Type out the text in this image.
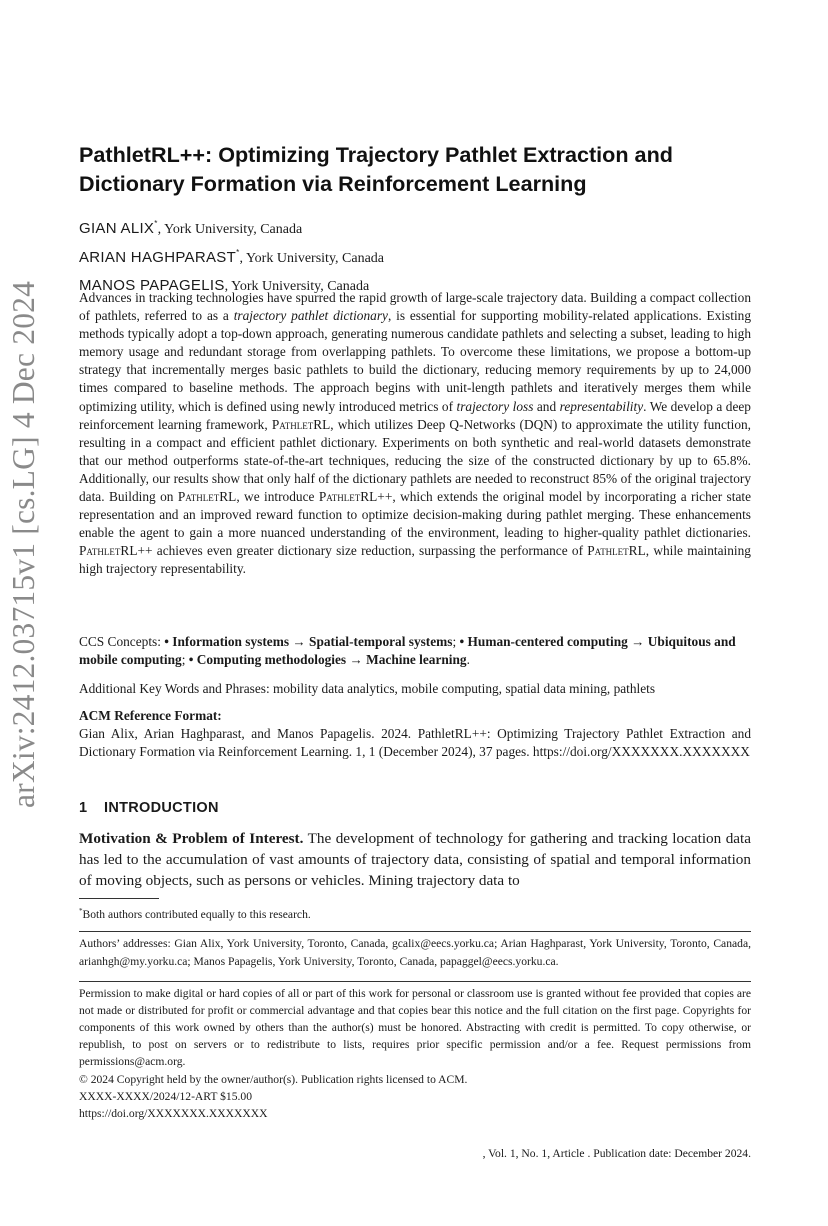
arXiv:2412.03715v1 [cs.LG] 4 Dec 2024
PathletRL++: Optimizing Trajectory Pathlet Extraction and Dictionary Formation via Reinforcement Learning
GIAN ALIX*, York University, Canada
ARIAN HAGHPARAST*, York University, Canada
MANOS PAPAGELIS, York University, Canada

Advances in tracking technologies have spurred the rapid growth of large-scale trajectory data. Building a compact collection of pathlets, referred to as a trajectory pathlet dictionary, is essential for supporting mobility-related applications. Existing methods typically adopt a top-down approach, generating numerous candidate pathlets and selecting a subset, leading to high memory usage and redundant storage from overlapping pathlets. To overcome these limitations, we propose a bottom-up strategy that incrementally merges basic pathlets to build the dictionary, reducing memory requirements by up to 24,000 times compared to baseline methods. The approach begins with unit-length pathlets and iteratively merges them while optimizing utility, which is defined using newly introduced metrics of trajectory loss and representability. We develop a deep reinforcement learning framework, PathletRL, which utilizes Deep Q-Networks (DQN) to approximate the utility function, resulting in a compact and efficient pathlet dictionary. Experiments on both synthetic and real-world datasets demonstrate that our method outperforms state-of-the-art techniques, reducing the size of the constructed dictionary by up to 65.8%. Additionally, our results show that only half of the dictionary pathlets are needed to reconstruct 85% of the original trajectory data. Building on PathletRL, we introduce PathletRL++, which extends the original model by incorporating a richer state representation and an improved reward function to optimize decision-making during pathlet merging. These enhancements enable the agent to gain a more nuanced understanding of the environment, leading to higher-quality pathlet dictionaries. PathletRL++ achieves even greater dictionary size reduction, surpassing the performance of PathletRL, while maintaining high trajectory representability.

CCS Concepts: • Information systems → Spatial-temporal systems; • Human-centered computing → Ubiquitous and mobile computing; • Computing methodologies → Machine learning.

Additional Key Words and Phrases: mobility data analytics, mobile computing, spatial data mining, pathlets

ACM Reference Format:

Gian Alix, Arian Haghparast, and Manos Papagelis. 2024. PathletRL++: Optimizing Trajectory Pathlet Extraction and Dictionary Formation via Reinforcement Learning. 1, 1 (December 2024), 37 pages. https://doi.org/XXXXXXX.XXXXXXX

1 INTRODUCTION

Motivation & Problem of Interest. The development of technology for gathering and tracking location data has led to the accumulation of vast amounts of trajectory data, consisting of spatial and temporal information of moving objects, such as persons or vehicles. Mining trajectory data to

*Both authors contributed equally to this research.

Authors’ addresses: Gian Alix, York University, Toronto, Canada, gcalix@eecs.yorku.ca; Arian Haghparast, York University, Toronto, Canada, arianhgh@my.yorku.ca; Manos Papagelis, York University, Toronto, Canada, papaggel@eecs.yorku.ca.

Permission to make digital or hard copies of all or part of this work for personal or classroom use is granted without fee provided that copies are not made or distributed for profit or commercial advantage and that copies bear this notice and the full citation on the first page. Copyrights for components of this work owned by others than the author(s) must be honored. Abstracting with credit is permitted. To copy otherwise, or republish, to post on servers or to redistribute to lists, requires prior specific permission and/or a fee. Request permissions from permissions@acm.org.

© 2024 Copyright held by the owner/author(s). Publication rights licensed to ACM.
XXXX-XXXX/2024/12-ART $15.00
https://doi.org/XXXXXXX.XXXXXXX

, Vol. 1, No. 1, Article . Publication date: December 2024.
